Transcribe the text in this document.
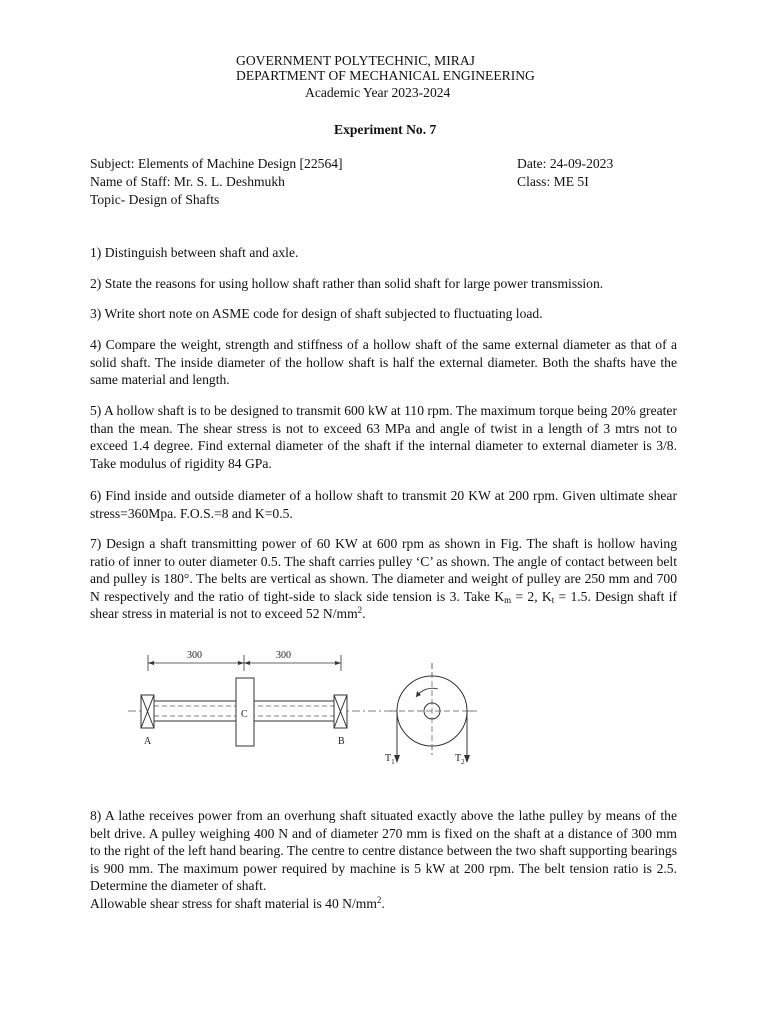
GOVERNMENT POLYTECHNIC, MIRAJ
DEPARTMENT OF MECHANICAL ENGINEERING
Academic Year 2023-2024
Experiment No. 7
Subject: Elements of Machine Design [22564]
Name of Staff: Mr. S. L. Deshmukh
Topic- Design of Shafts
Date: 24-09-2023
Class: ME 5I
1) Distinguish between shaft and axle.
2) State the reasons for using hollow shaft rather than solid shaft for large power transmission.
3) Write short note on ASME code for design of shaft subjected to fluctuating load.
4) Compare the weight, strength and stiffness of a hollow shaft of the same external diameter as that of a solid shaft. The inside diameter of the hollow shaft is half the external diameter. Both the shafts have the same material and length.
5) A hollow shaft is to be designed to transmit 600 kW at 110 rpm. The maximum torque being 20% greater than the mean. The shear stress is not to exceed 63 MPa and angle of twist in a length of 3 mtrs not to exceed 1.4 degree. Find external diameter of the shaft if the internal diameter to external diameter is 3/8. Take modulus of rigidity 84 GPa.
6) Find inside and outside diameter of a hollow shaft to transmit 20 KW at 200 rpm. Given ultimate shear stress=360Mpa. F.O.S.=8 and K=0.5.
7) Design a shaft transmitting power of 60 KW at 600 rpm as shown in Fig. The shaft is hollow having ratio of inner to outer diameter 0.5. The shaft carries pulley ‘C’ as shown. The angle of contact between belt and pulley is 180°. The belts are vertical as shown. The diameter and weight of pulley are 250 mm and 700 N respectively and the ratio of tight-side to slack side tension is 3. Take $K_m = 2$, $K_t = 1.5$. Design shaft if shear stress in material is not to exceed 52 $N/mm^2$.
300	300
C
A	B
$T_1$	$T_2$
8) A lathe receives power from an overhung shaft situated exactly above the lathe pulley by means of the belt drive. A pulley weighing 400 N and of diameter 270 mm is fixed on the shaft at a distance of 300 mm to the right of the left hand bearing. The centre to centre distance between the two shaft supporting bearings is 900 mm. The maximum power required by machine is 5 kW at 200 rpm. The belt tension ratio is 2.5. Determine the diameter of shaft.
Allowable shear stress for shaft material is 40 $N/mm^2$.
